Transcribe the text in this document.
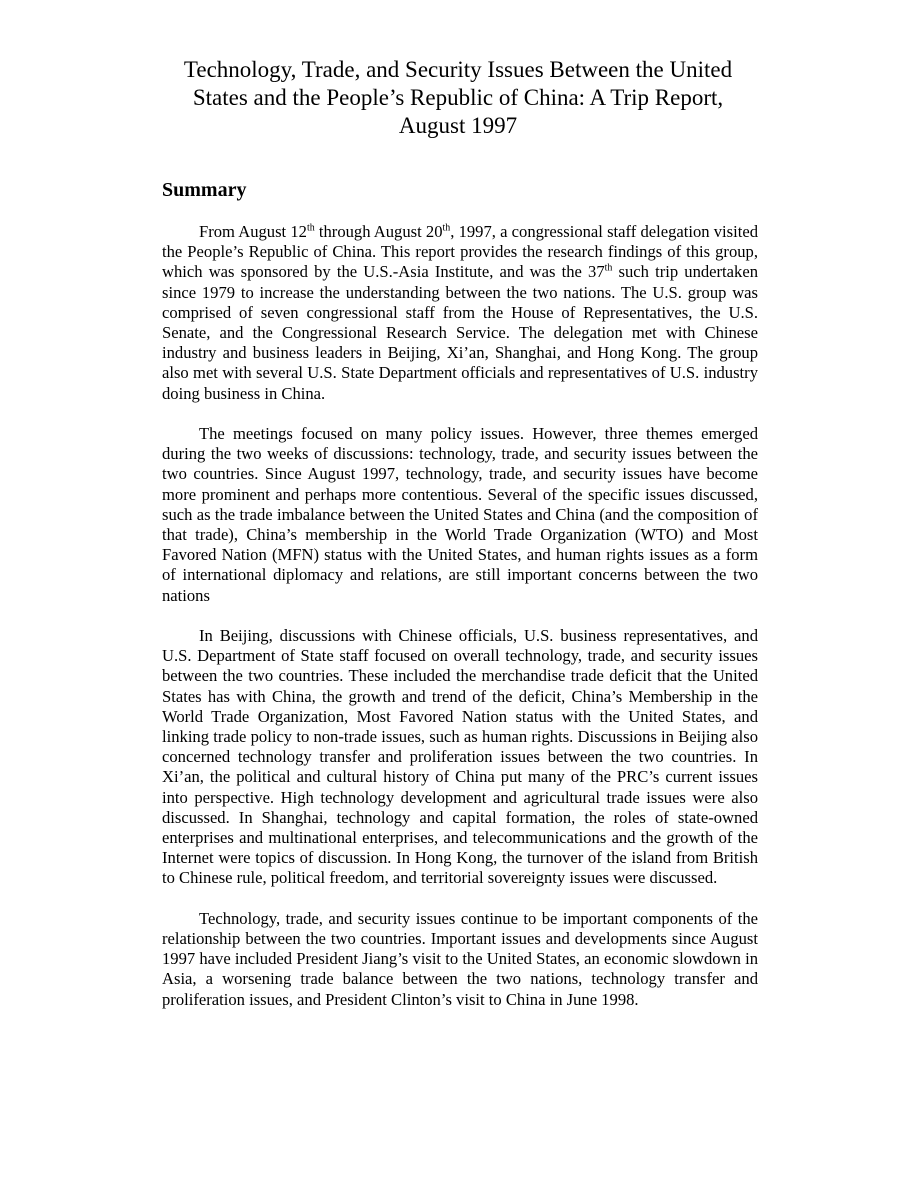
Technology, Trade, and Security Issues Between the United
States and the People’s Republic of China: A Trip Report,
August 1997
Summary

From August 12th through August 20th, 1997, a congressional staff delegation visited the People’s Republic of China. This report provides the research findings of this group, which was sponsored by the U.S.-Asia Institute, and was the 37th such trip undertaken since 1979 to increase the understanding between the two nations. The U.S. group was comprised of seven congressional staff from the House of Representatives, the U.S. Senate, and the Congressional Research Service. The delegation met with Chinese industry and business leaders in Beijing, Xi’an, Shanghai, and Hong Kong. The group also met with several U.S. State Department officials and representatives of U.S. industry doing business in China.

The meetings focused on many policy issues. However, three themes emerged during the two weeks of discussions: technology, trade, and security issues between the two countries. Since August 1997, technology, trade, and security issues have become more prominent and perhaps more contentious. Several of the specific issues discussed, such as the trade imbalance between the United States and China (and the composition of that trade), China’s membership in the World Trade Organization (WTO) and Most Favored Nation (MFN) status with the United States, and human rights issues as a form of international diplomacy and relations, are still important concerns between the two nations

In Beijing, discussions with Chinese officials, U.S. business representatives, and U.S. Department of State staff focused on overall technology, trade, and security issues between the two countries. These included the merchandise trade deficit that the United States has with China, the growth and trend of the deficit, China’s Membership in the World Trade Organization, Most Favored Nation status with the United States, and linking trade policy to non-trade issues, such as human rights. Discussions in Beijing also concerned technology transfer and proliferation issues between the two countries. In Xi’an, the political and cultural history of China put many of the PRC’s current issues into perspective. High technology development and agricultural trade issues were also discussed. In Shanghai, technology and capital formation, the roles of state-owned enterprises and multinational enterprises, and telecommunications and the growth of the Internet were topics of discussion. In Hong Kong, the turnover of the island from British to Chinese rule, political freedom, and territorial sovereignty issues were discussed.

Technology, trade, and security issues continue to be important components of the relationship between the two countries. Important issues and developments since August 1997 have included President Jiang’s visit to the United States, an economic slowdown in Asia, a worsening trade balance between the two nations, technology transfer and proliferation issues, and President Clinton’s visit to China in June 1998.
